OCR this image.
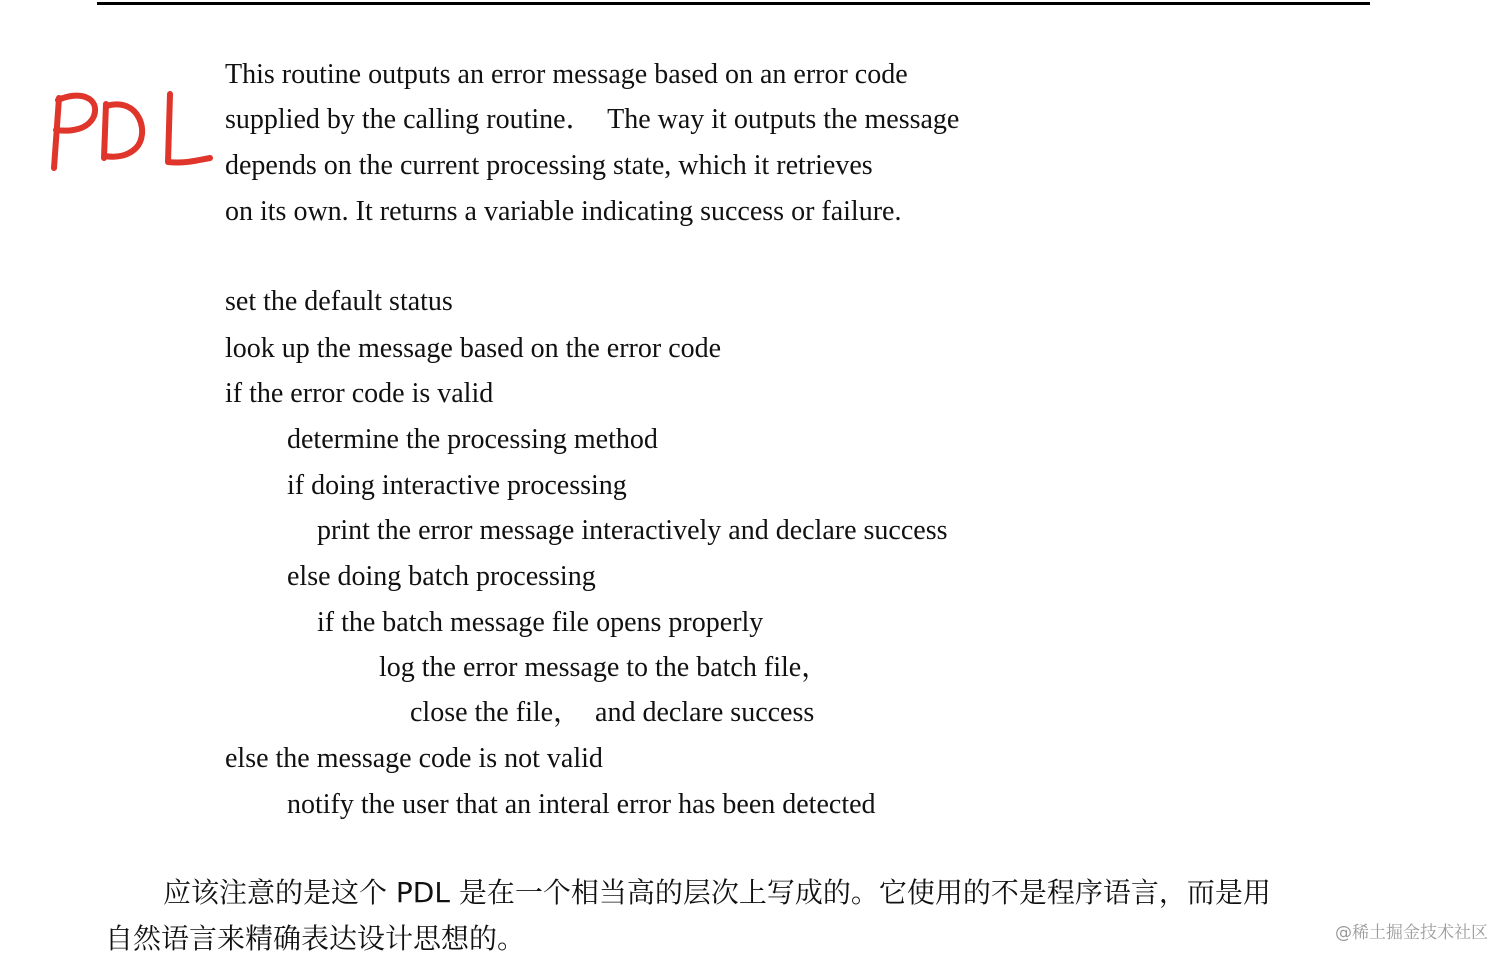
This routine outputs an error message based on an error code
supplied by the calling routine．  The way it outputs the message
depends on the current processing state, which it retrieves
on its own. It returns a variable indicating success or failure.
set the default status
look up the message based on the error code
if the error code is valid
determine the processing method
if doing interactive processing
print the error message interactively and declare success
else doing batch processing
if the batch message file opens properly
log the error message to the batch file，
close the file，  and declare success
else the message code is not valid
notify the user that an interal error has been detected
应该注意的是这个 PDL 是在一个相当高的层次上写成的。它使用的不是程序语言，而是用
自然语言来精确表达设计思想的。	@稀土掘金技术社区
